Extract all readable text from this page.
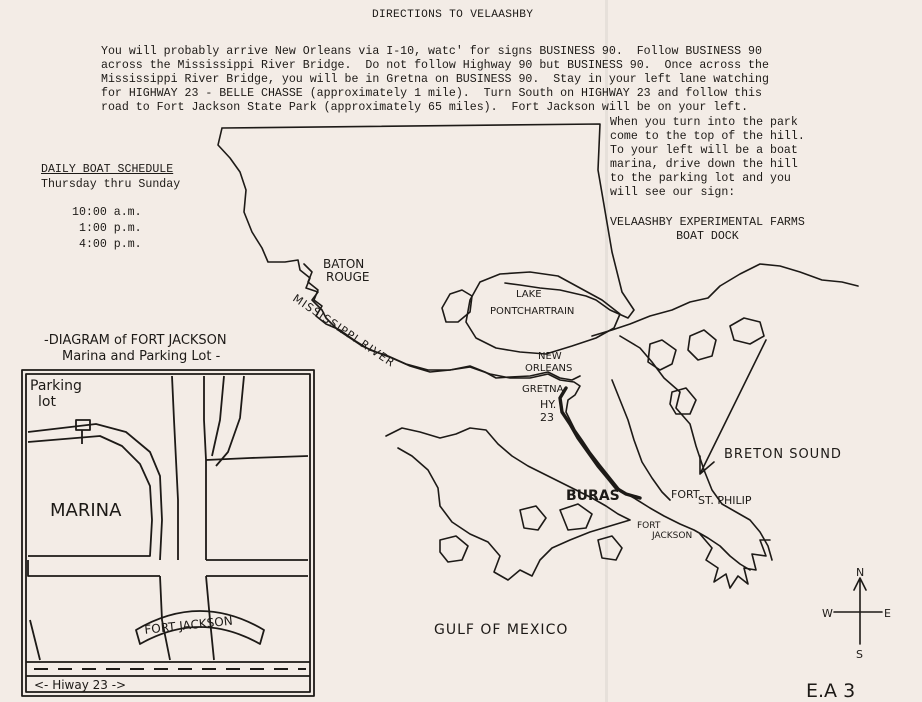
DIRECTIONS TO VELAASHBY
You will probably arrive New Orleans via I-10, watc' for signs BUSINESS 90.  Follow BUSINESS 90
across the Mississippi River Bridge.  Do not follow Highway 90 but BUSINESS 90.  Once across the
Mississippi River Bridge, you will be in Gretna on BUSINESS 90.  Stay in your left lane watching
for HIGHWAY 23 - BELLE CHASSE (approximately 1 mile).  Turn South on HIGHWAY 23 and follow this
road to Fort Jackson State Park (approximately 65 miles).  Fort Jackson will be on your left.
When you turn into the park
come to the top of the hill.
To your left will be a boat
marina, drive down the hill
to the parking lot and you
will see our sign:
VELAASHBY EXPERIMENTAL FARMS
BOAT DOCK
DAILY BOAT SCHEDULE
Thursday thru Sunday
10:00 a.m.
1:00 p.m.
4:00 p.m.
BATON
ROUGE
MISSISSIPPI RIVER	LAKE
PONTCHARTRAIN
NEW
ORLEANS
GRETNA
HY.
23
BRETON SOUND
BURAS	FORT
ST. PHILIP
FORT
JACKSON
GULF OF MEXICO
N
S
E
W
E.A 3
-DIAGRAM of FORT JACKSON
Marina and Parking Lot -
Parking
lot
MARINA
FORT JACKSON
<- Hiway 23 ->
